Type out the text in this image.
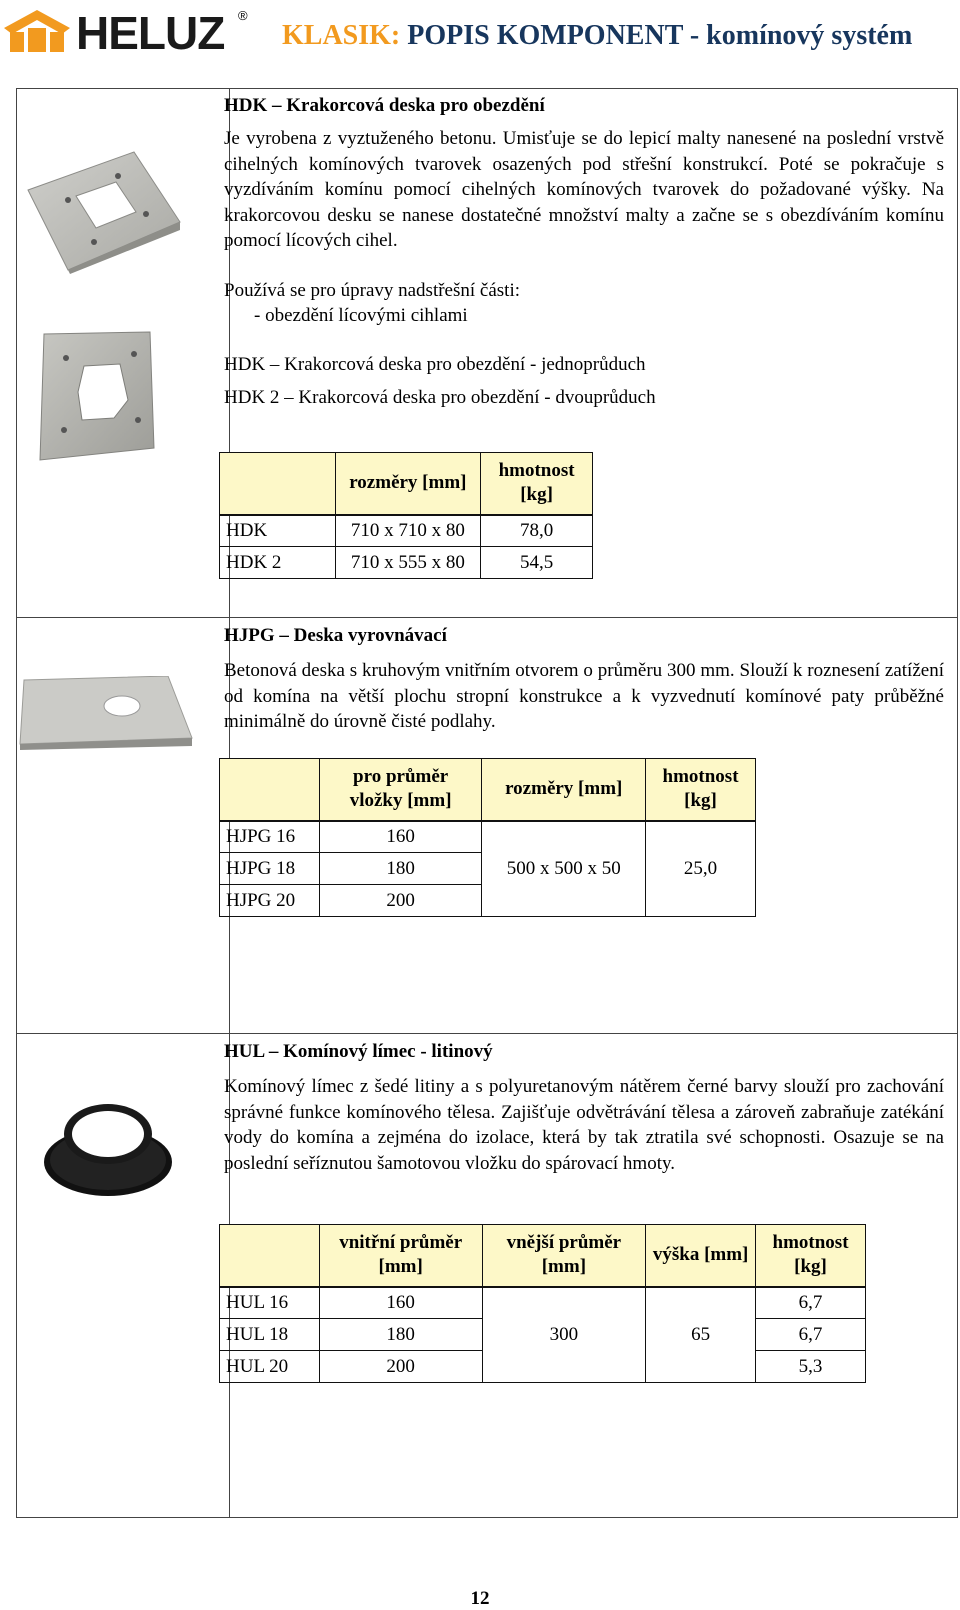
HELUZ ®
KLASIK: POPIS KOMPONENT - komínový systém
HDK – Krakorcová deska pro obezdění

Je vyrobena z vyztuženého betonu. Umisťuje se do lepicí malty nanesené na poslední vrstvě cihelných komínových tvarovek osazených pod střešní konstrukcí. Poté se pokračuje s vyzdíváním komínu pomocí cihelných komínových tvarovek do požadované výšky. Na krakorcovou desku se nanese dostatečné množství malty a začne se s obezdíváním komínu pomocí lícových cihel.

Používá se pro úpravy nadstřešní části:

- obezdění lícovými cihlami

HDK – Krakorcová deska pro obezdění - jednoprůduch

HDK 2 – Krakorcová deska pro obezdění - dvouprůduch

	rozměry [mm]	hmotnost [kg]
HDK	710 x 710 x 80	78,0
HDK 2	710 x 555 x 80	54,5
HJPG – Deska vyrovnávací

Betonová deska s kruhovým vnitřním otvorem o průměru 300 mm. Slouží k roznesení zatížení od komína na větší plochu stropní konstrukce a k vyzvednutí komínové paty průběžné minimálně do úrovně čisté podlahy.

	pro průměr vložky [mm]	rozměry [mm]	hmotnost [kg]
HJPG 16	160	500 x 500 x 50	25,0
HJPG 18	180		
HJPG 20	200		
HUL – Komínový límec - litinový

Komínový límec z šedé litiny a s polyuretanovým nátěrem černé barvy slouží pro zachování správné funkce komínového tělesa. Zajišťuje odvětrávání tělesa a zároveň zabraňuje zatékání vody do komína a zejména do izolace, která by tak ztratila své schopnosti. Osazuje se na poslední seříznutou šamotovou vložku do spárovací hmoty.

	vnitřní průměr [mm]	vnější průměr [mm]	výška [mm]	hmotnost [kg]
HUL 16	160	300	65	6,7
HUL 18	180			6,7
HUL 20	200			5,3
12
